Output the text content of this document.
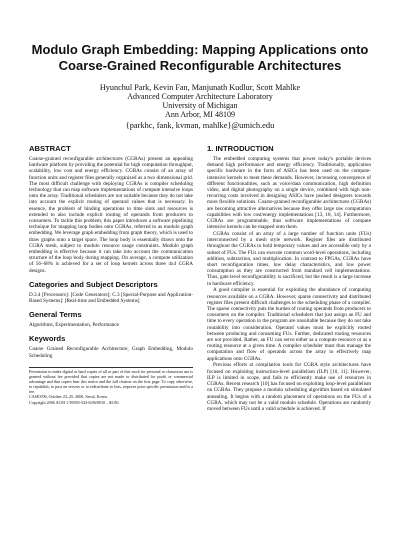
Modulo Graph Embedding: Mapping Applications onto Coarse-Grained Reconfigurable Architectures
Hyunchul Park, Kevin Fan, Manjunath Kudlur, Scott Mahlke
Advanced Computer Architecture Laboratory
University of Michigan
Ann Arbor, MI 48109
{parkhc, fank, kvman, mahlke}@umich.edu
ABSTRACT

Coarse-grained reconfigurable architectures (CGRAs) present an appealing hardware platform by providing the potential for high computation throughput, scalability, low cost and energy efficiency. CGRAs consist of an array of function units and register files generally organized as a two dimensional grid. The most difficult challenge with deploying CGRAs is compiler scheduling technology that can map software implementations of compute intensive loops onto the array. Traditional schedulers are not suitable because they do not take into account the explicit routing of operand values that is necessary. In essence, the problem of binding operations to time slots and resources is extended to also include explicit routing of operands from producers to consumers. To tackle this problem, this paper introduces a software pipelining technique for mapping loop bodies onto CGRAs, referred to as modulo graph embedding. We leverage graph embedding from graph theory, which is used to draw graphs onto a target space. The loop body is essentially drawn onto the CGRA mesh, subject to modulo resource usage constraints. Modulo graph embedding is effective because it can take into account the communication structure of the loop body during mapping. On average, a compute utilization of 56–68% is achieved for a set of loop kernels across three 4x4 CGRA designs.

Categories and Subject Descriptors

D.3.4 [Processors]: [Code Generators]; C.3 [Special-Purpose and Application-Based Systems]: [Real-time and Embedded Systems]

General Terms

Algorithms, Experimentation, Performance

Keywords

Coarse Grained Reconfigurable Architecture, Graph Embedding, Modulo Scheduling

Permission to make digital or hard copies of all or part of this work for personal or classroom use is granted without fee provided that copies are not made or distributed for profit or commercial advantage and that copies bear this notice and the full citation on the first page. To copy otherwise, to republish, to post on servers or to redistribute to lists, requires prior specific permission and/or a fee.

CASES'06, October 23–25, 2006, Seoul, Korea.

Copyright 2006 ACM 1-59593-543-6/06/0010 ...$5.00.

1. INTRODUCTION

The embedded computing systems that power today's portable devices demand high performance and energy efficiency. Traditionally, application specific hardware in the form of ASICs has been used on the compute-intensive kernels to meet these demands. However, increasing convergence of different functionalities, such as voice/data communication, high definition video, and digital photography on a single device, combined with high non-recurring costs involved in designing ASICs have pushed designers towards more flexible solutions. Coarse-grained reconfigurable architectures (CGRAs) are becoming attractive alternatives because they offer large raw computation capabilities with low cost/energy implementations [13, 18, 14]. Furthermore, CGRAs are programmable, thus software implementations of compute intensive kernels can be mapped onto them.

CGRAs consist of an array of a large number of function units (FUs) interconnected by a mesh style network. Register files are distributed throughout the CGRAs to hold temporary values and are accessible only by a subset of FUs. The FUs can execute common word-level operations, including addition, subtraction, and multiplication. In contrast to FPGAs, CGRAs have short reconfiguration times, low delay characteristics, and low power consumption as they are constructed from standard cell implementations. Thus, gate level reconfigurability is sacrificed, but the result is a large increase in hardware efficiency.

A good compiler is essential for exploiting the abundance of computing resources available on a CGRA. However, sparse connectivity and distributed register files present difficult challenges to the scheduling phase of a compiler. The sparse connectivity puts the burden of routing operands from producers to consumers on the compiler. Traditional schedulers that just assign an FU and time to every operation in the program are unsuitable because they do not take routability into consideration. Operand values must be explicitly routed between producing and consuming FUs. Further, dedicated routing resources are not provided. Rather, an FU can serve either as a compute resource or as a routing resource at a given time. A compiler scheduler must thus manage the computation and flow of operands across the array to effectively map applications onto CGRAs.

Previous efforts at compilation tools for CGRA style architectures have focused on exploiting instruction-level parallelism (ILP) [10, 11]. However, ILP is limited in scope, and fails to efficiently make use of resources in CGRAs. Recent research [10] has focused on exploiting loop-level parallelism on CGRAs. They propose a modulo scheduling algorithm based on simulated annealing. It begins with a random placement of operations on the FUs of a CGRA, which may not be a valid modulo schedule. Operations are randomly moved between FUs until a valid schedule is achieved. If
